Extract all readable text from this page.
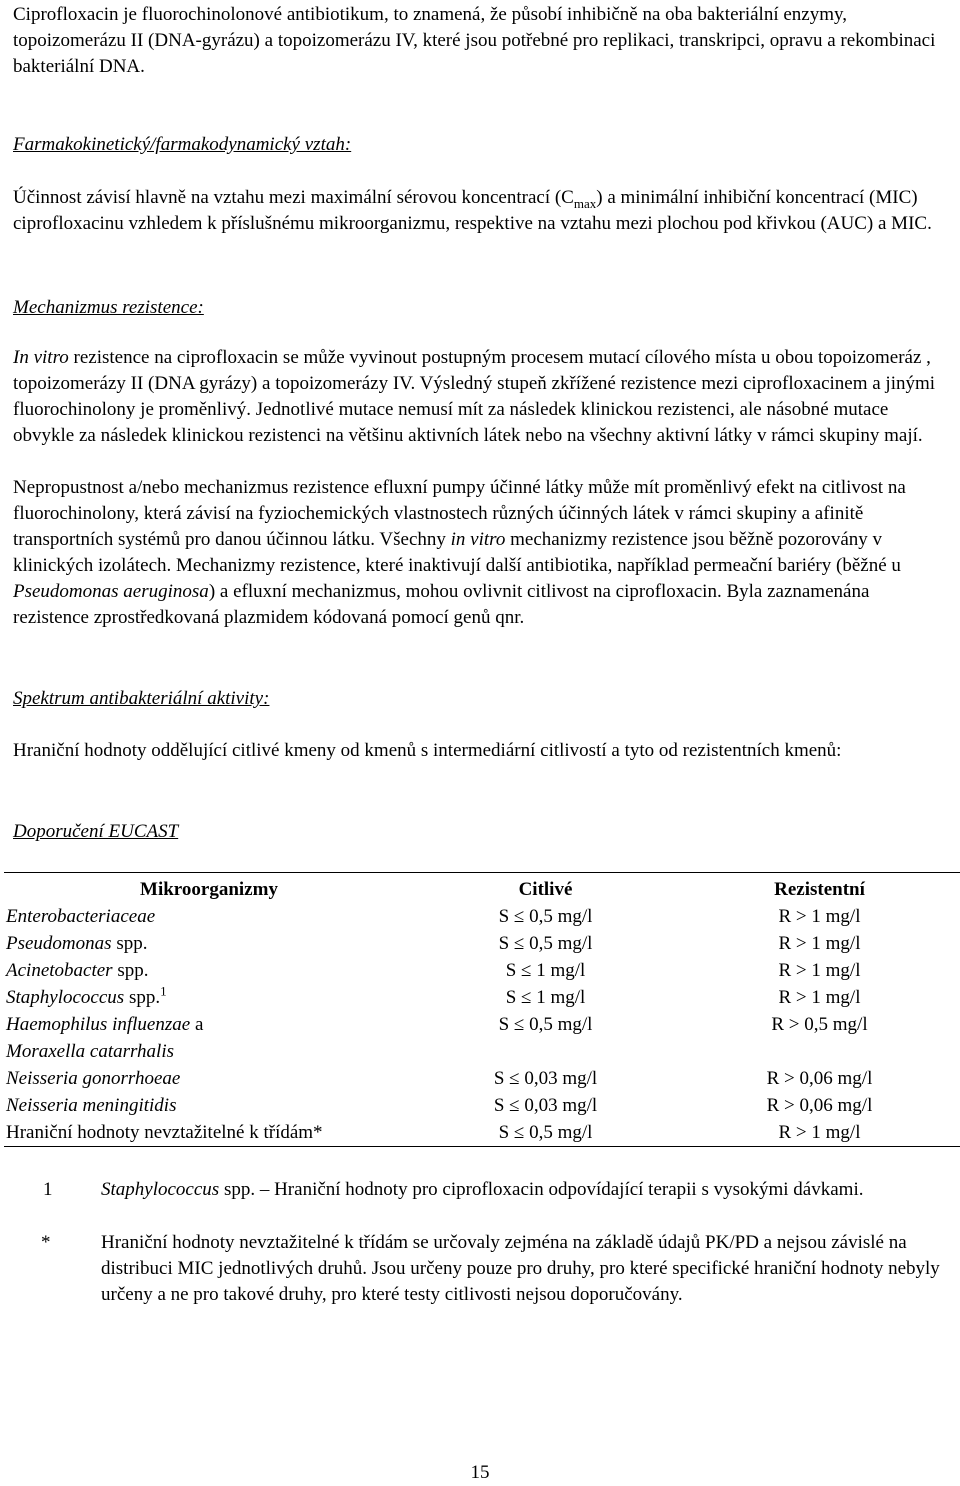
Ciprofloxacin je fluorochinolonové antibiotikum, to znamená, že působí inhibičně na oba bakteriální enzymy, topoizomerázu II (DNA-gyrázu) a topoizomerázu IV, které jsou potřebné pro replikaci, transkripci, opravu a rekombinaci bakteriální DNA.

Farmakokinetický/farmakodynamický vztah:

Účinnost závisí hlavně na vztahu mezi maximální sérovou koncentrací $(C_{max})$ a minimální inhibiční koncentrací (MIC) ciprofloxacinu vzhledem k příslušnému mikroorganizmu, respektive na vztahu mezi plochou pod křivkou (AUC) a MIC.

Mechanizmus rezistence:

In vitro rezistence na ciprofloxacin se může vyvinout postupným procesem mutací cílového místa u obou topoizomeráz , topoizomerázy II (DNA gyrázy) a topoizomerázy IV. Výsledný stupeň zkřížené rezistence mezi ciprofloxacinem a jinými fluorochinolony je proměnlivý. Jednotlivé mutace nemusí mít za následek klinickou rezistenci, ale násobné mutace obvykle za následek klinickou rezistenci na většinu aktivních látek nebo na všechny aktivní látky v rámci skupiny mají.

Nepropustnost a/nebo mechanizmus rezistence efluxní pumpy účinné látky může mít proměnlivý efekt na citlivost na fluorochinolony, která závisí na fyziochemických vlastnostech různých účinných látek v rámci skupiny a afinitě transportních systémů pro danou účinnou látku. Všechny in vitro mechanizmy rezistence jsou běžně pozorovány v klinických izolátech. Mechanizmy rezistence, které inaktivují další antibiotika, například permeační bariéry (běžné u Pseudomonas aeruginosa) a efluxní mechanizmus, mohou ovlivnit citlivost na ciprofloxacin. Byla zaznamenána rezistence zprostředkovaná plazmidem kódovaná pomocí genů qnr.

Spektrum antibakteriální aktivity:

Hraniční hodnoty oddělující citlivé kmeny od kmenů s intermediární citlivostí a tyto od rezistentních kmenů:

Doporučení EUCAST

Mikroorganizmy	Citlivé	Rezistentní
Enterobacteriaceae	S ≤ 0,5 mg/l	R > 1 mg/l
Pseudomonas spp.	S ≤ 0,5 mg/l	R > 1 mg/l
Acinetobacter spp.	S ≤ 1 mg/l	R > 1 mg/l
Staphylococcus spp.$^1$	S ≤ 1 mg/l	R > 1 mg/l
Haemophilus influenzae a
Moraxella catarrhalis	S ≤ 0,5 mg/l	R > 0,5 mg/l
Neisseria gonorrhoeae	S ≤ 0,03 mg/l	R > 0,06 mg/l
Neisseria meningitidis	S ≤ 0,03 mg/l	R > 0,06 mg/l
Hraniční hodnoty nevztažitelné k třídám*	S ≤ 0,5 mg/l	R > 1 mg/l
1	Staphylococcus spp. – Hraniční hodnoty pro ciprofloxacin odpovídající terapii s vysokými dávkami.
*	Hraniční hodnoty nevztažitelné k třídám se určovaly zejména na základě údajů PK/PD a nejsou závislé na distribuci MIC jednotlivých druhů. Jsou určeny pouze pro druhy, pro které specifické hraniční hodnoty nebyly určeny a ne pro takové druhy, pro které testy citlivosti nejsou doporučovány.
15
